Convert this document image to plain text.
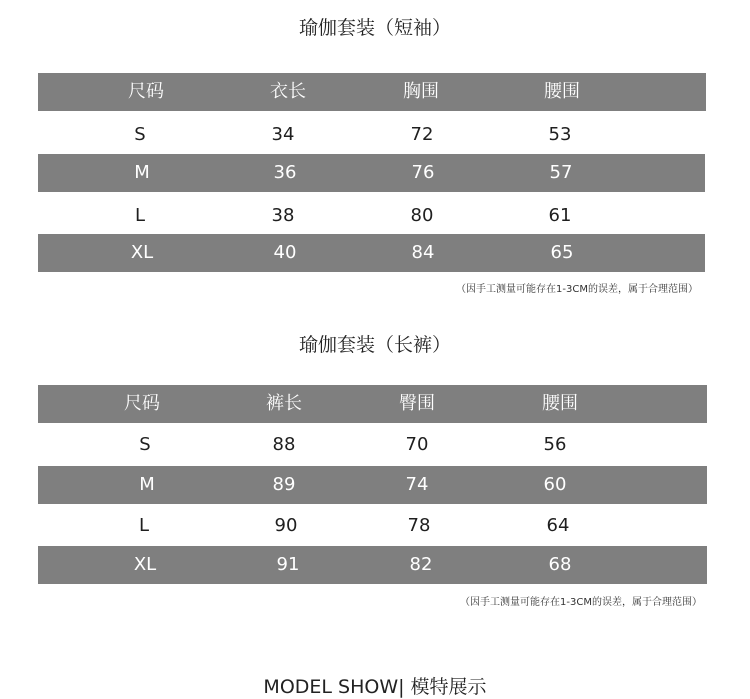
瑜伽套装（短袖）
尺码	衣长	胸围	腰围
S	34	72	53
M	36	76	57
L	38	80	61
XL	40	84	65
（因手工测量可能存在1-3CM的误差，属于合理范围）
瑜伽套装（长裤）
尺码	裤长	臀围	腰围
S	88	70	56
M	89	74	60
L	90	78	64
XL	91	82	68
（因手工测量可能存在1-3CM的误差，属于合理范围）
MODEL SHOW| 模特展示
